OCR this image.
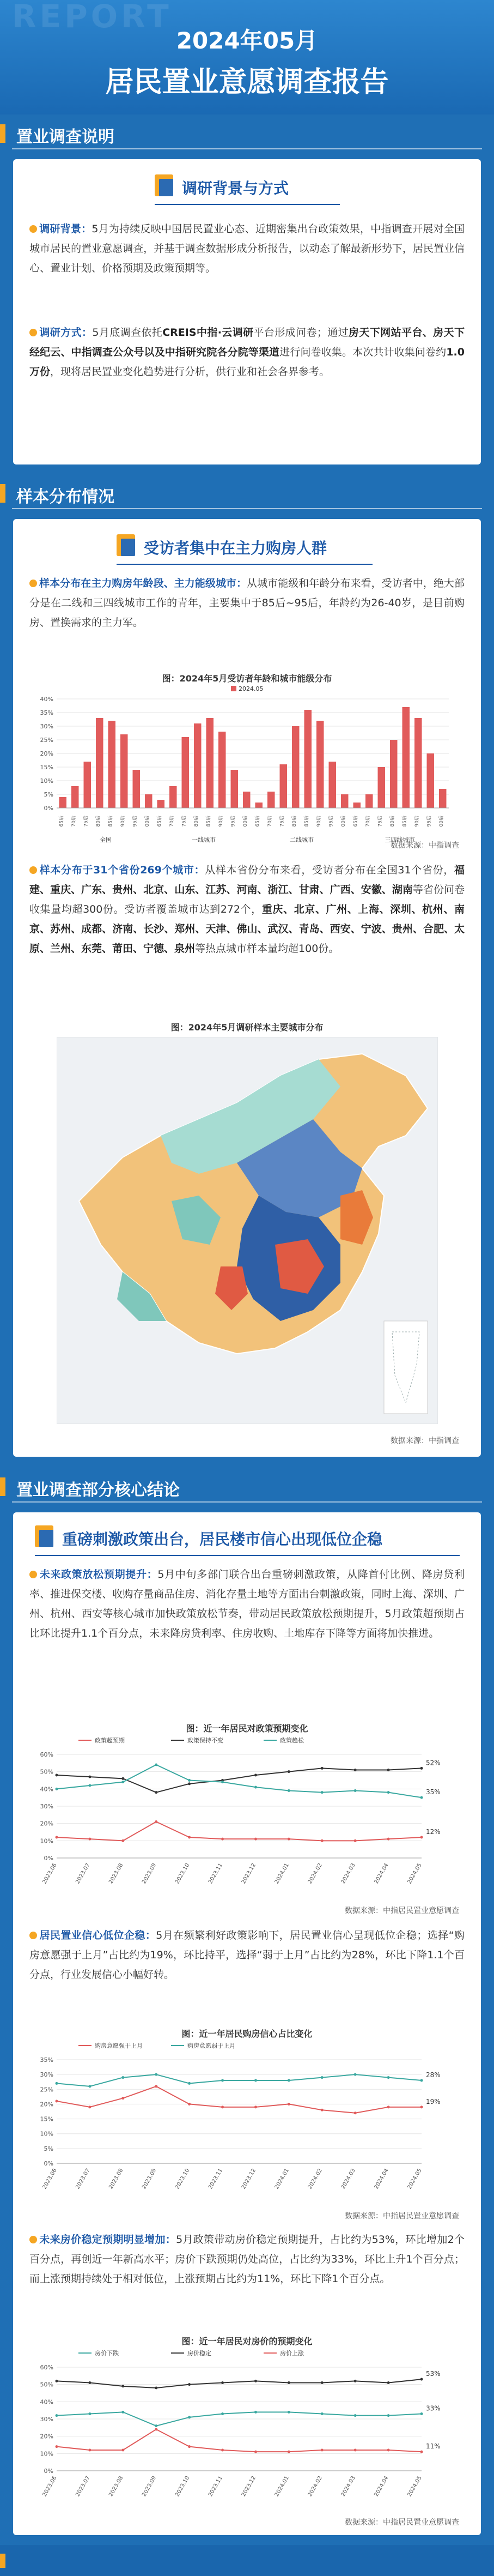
REPORT
2024年05月
居民置业意愿调查报告
置业调查说明
调研背景与方式
调研背景：5月为持续反映中国居民置业心态、近期密集出台政策效果，中指调查开展对全国城市居民的置业意愿调查，并基于调查数据形成分析报告，以动态了解最新形势下，居民置业信心、置业计划、价格预期及政策预期等。
调研方式：5月底调查依托CREIS中指·云调研平台形成问卷；通过房天下网站平台、房天下经纪云、中指调查公众号以及中指研究院各分院等渠道进行问卷收集。本次共计收集问卷约1.0万份，现将居民置业变化趋势进行分析，供行业和社会各界参考。
样本分布情况
受访者集中在主力购房人群
样本分布在主力购房年龄段、主力能级城市：从城市能级和年龄分布来看，受访者中，绝大部分是在二线和三四线城市工作的青年，主要集中于85后~95后，年龄约为26-40岁，是目前购房、置换需求的主力军。
图：2024年5月受访者年龄和城市能级分布
0%
5%
10%
15%
20%
25%
30%
35%
40%
2024.05
65后 70后 75后 80后 85后 90后 95后 00后 65后 70后 75后 80后 85后 90后 95后 00后 65后 70后 75后 80后 85后 90后 95后 00后 65后 70后 75后 80后 85后 90后 95后 00后
全国	一线城市	二线城市	三四线城市
数据来源：中指调查
样本分布于31个省份269个城市：从样本省份分布来看，受访者分布在全国31个省份，福建、重庆、广东、贵州、北京、山东、江苏、河南、浙江、甘肃、广西、安徽、湖南等省份问卷收集量均超300份。受访者覆盖城市达到272个，重庆、北京、广州、上海、深圳、杭州、南京、苏州、成都、济南、长沙、郑州、天津、佛山、武汉、青岛、西安、宁波、贵州、合肥、太原、兰州、东莞、莆田、宁德、泉州等热点城市样本量均超100份。
图：2024年5月调研样本主要城市分布
数据来源：中指调查
置业调查部分核心结论
重磅刺激政策出台，居民楼市信心出现低位企稳
未来政策放松预期提升：5月中旬多部门联合出台重磅刺激政策，从降首付比例、降房贷利率、推进保交楼、收购存量商品住房、消化存量土地等方面出台刺激政策，同时上海、深圳、广州、杭州、西安等核心城市加快政策放松节奏，带动居民政策放松预期提升，5月政策超预期占比环比提升1.1个百分点，未来降房贷利率、住房收购、土地库存下降等方面将加快推进。
图：近一年居民对政策预期变化
0%
10%
20%
30%
40%
50%
60%
政策超预期	政策保持不变	政策趋松
52%
35%
12%
2023.06	2023.07	2023.08	2023.09	2023.10	2023.11	2023.12	2024.01	2024.02	2024.03	2024.04	2024.05
数据来源：中指居民置业意愿调查
居民置业信心低位企稳：5月在频繁利好政策影响下，居民置业信心呈现低位企稳；选择“购房意愿强于上月”占比约为19%，环比持平，选择“弱于上月”占比约为28%，环比下降1.1个百分点，行业发展信心小幅好转。
图：近一年居民购房信心占比变化
0%
5%
10%
15%
20%
25%
30%
35%
购房意愿强于上月	购房意愿弱于上月
28%
19%
2023.06	2023.07	2023.08	2023.09	2023.10	2023.11	2023.12	2024.01	2024.02	2024.03	2024.04	2024.05
数据来源：中指居民置业意愿调查
未来房价稳定预期明显增加：5月政策带动房价稳定预期提升，占比约为53%，环比增加2个百分点，再创近一年新高水平；房价下跌预期仍处高位，占比约为33%，环比上升1个百分点；而上涨预期持续处于相对低位，上涨预期占比约为11%，环比下降1个百分点。
图：近一年居民对房价的预期变化
0%
10%
20%
30%
40%
50%
60%
房价下跌	房价稳定	房价上涨
53%
33%
11%
2023.06	2023.07	2023.08	2023.09	2023.10	2023.11	2023.12	2024.01	2024.02	2024.03	2024.04	2024.05
数据来源：中指居民置业意愿调查
